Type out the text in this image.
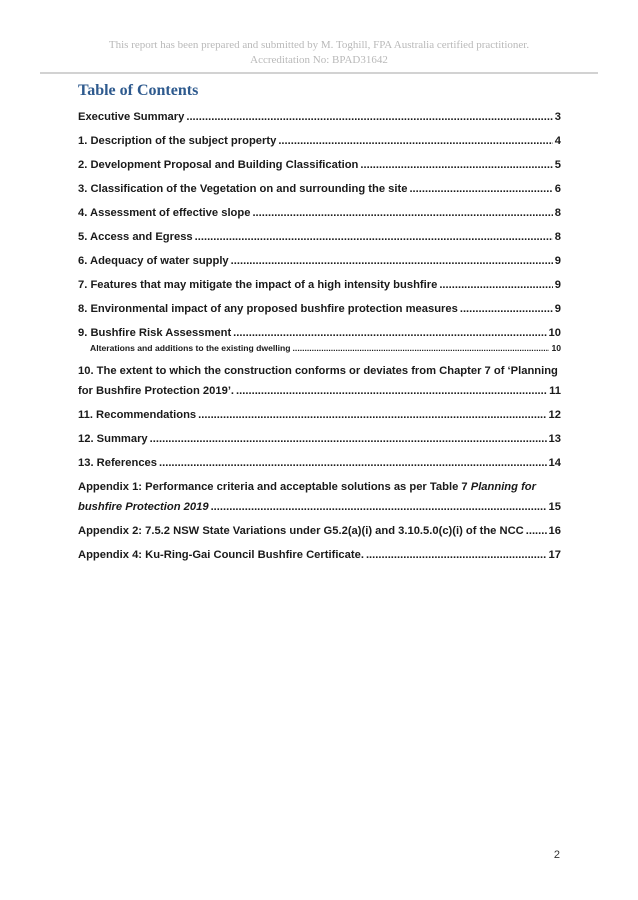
This report has been prepared and submitted by M. Toghill, FPA Australia certified practitioner.
Accreditation No: BPAD31642
Table of Contents
Executive Summary .....	3
1. Description of the subject property .....	4
2. Development Proposal and Building Classification .....	5
3. Classification of the Vegetation on and surrounding the site .....	6
4. Assessment of effective slope .....	8
5. Access and Egress .....	8
6. Adequacy of water supply .....	9
7. Features that may mitigate the impact of a high intensity bushfire .....	9
8. Environmental impact of any proposed bushfire protection measures .....	9
9. Bushfire Risk Assessment .....	10
Alterations and additions to the existing dwelling .....	10
10. The extent to which the construction conforms or deviates from Chapter 7 of ‘Planning
for Bushfire Protection 2019’. .....	11
11. Recommendations .....	12
12. Summary .....	13
13. References .....	14
Appendix 1: Performance criteria and acceptable solutions as per Table 7 Planning for
bushfire Protection 2019 .....	15
Appendix 2: 7.5.2 NSW State Variations under G5.2(a)(i) and 3.10.5.0(c)(i) of the NCC ..... 16
Appendix 4: Ku-Ring-Gai Council Bushfire Certificate. .....	17
2
